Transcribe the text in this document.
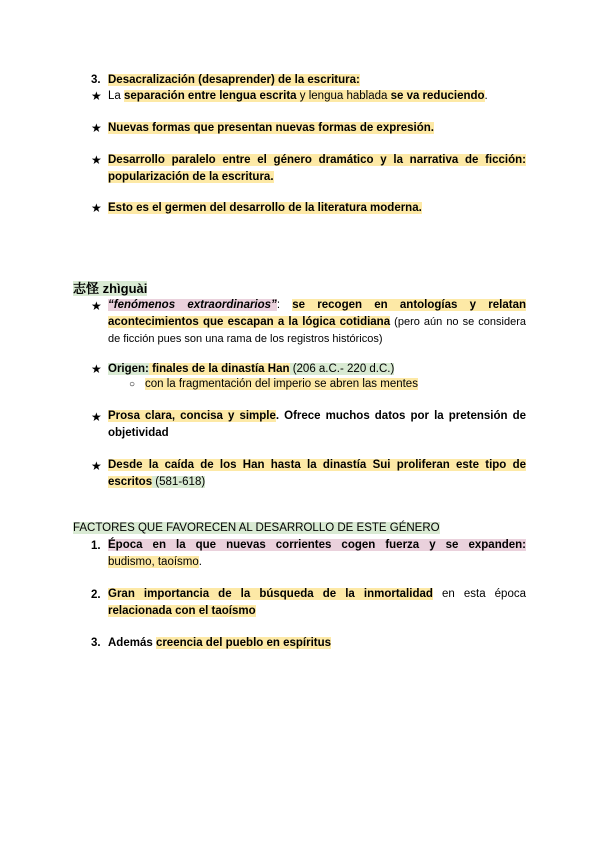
3. Desacralización (desaprender) de la escritura:
★ La separación entre lengua escrita y lengua hablada se va reduciendo.
★ Nuevas formas que presentan nuevas formas de expresión.
★ Desarrollo paralelo entre el género dramático y la narrativa de ficción:
popularización de la escritura.
★ Esto es el germen del desarrollo de la literatura moderna.
志怪 zhìguài
★ “fenómenos extraordinarios”: se recogen en antologías y relatan acontecimientos que escapan a la lógica cotidiana (pero aún no se considera de ficción pues son una rama de los registros históricos)
★ Origen: finales de la dinastía Han (206 a.C.- 220 d.C.)
○ con la fragmentación del imperio se abren las mentes
★ Prosa clara, concisa y simple. Ofrece muchos datos por la pretensión de objetividad
★ Desde la caída de los Han hasta la dinastía Sui proliferan este tipo de escritos (581-618)
FACTORES QUE FAVORECEN AL DESARROLLO DE ESTE GÉNERO
1. Época en la que nuevas corrientes cogen fuerza y se expanden:
budismo, taoísmo.
2. Gran importancia de la búsqueda de la inmortalidad en esta época
relacionada con el taoísmo
3. Además creencia del pueblo en espíritus
